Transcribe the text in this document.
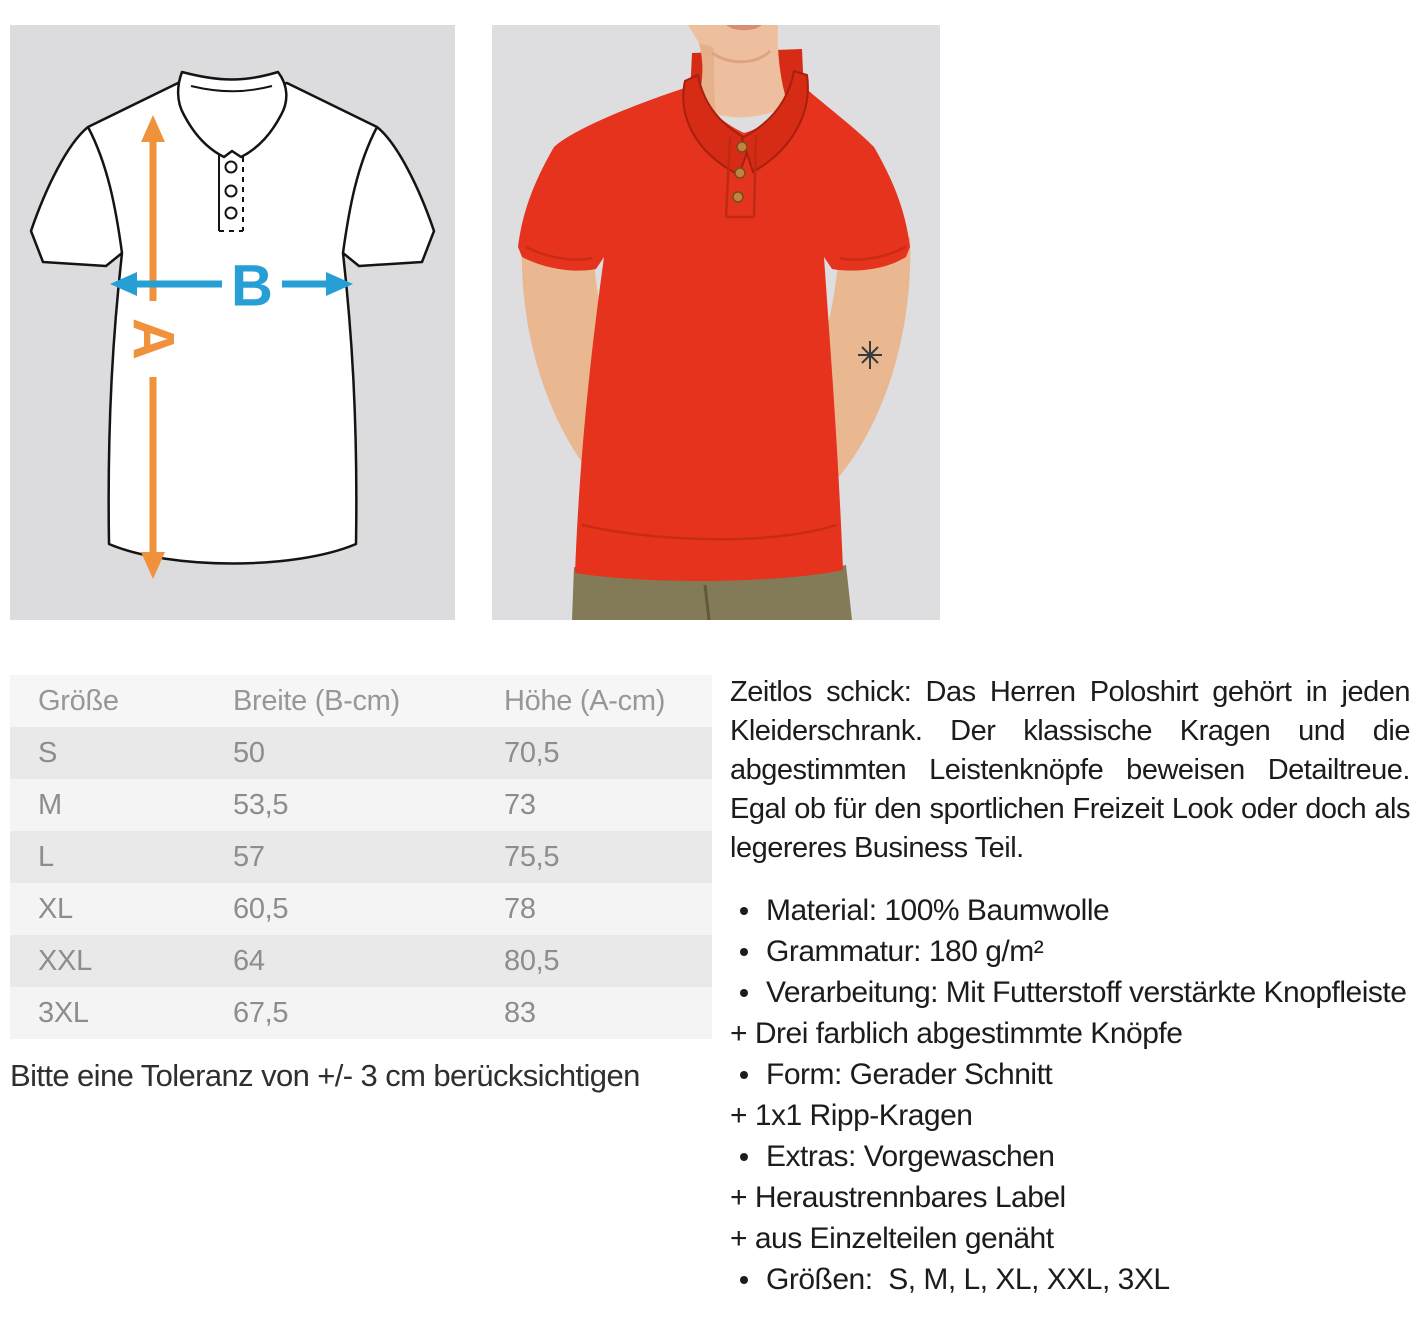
A
B
Größe	Breite (B-cm)	Höhe (A-cm)
S	50	70,5
M	53,5	73
L	57	75,5
XL	60,5	78
XXL	64	80,5
3XL	67,5	83
Bitte eine Toleranz von +/- 3 cm berücksichtigen

Zeitlos schick: Das Herren Poloshirt gehört in jeden Kleiderschrank. Der klassische Kragen und die abgestimmten Leistenknöpfe beweisen Detailtreue. Egal ob für den sportlichen Freizeit Look oder doch als legereres Business Teil.

Material: 100% Baumwolle
Grammatur: 180 g/m²
Verarbeitung: Mit Futterstoff verstärkte Knopfleiste
+ Drei farblich abgestimmte Knöpfe
Form: Gerader Schnitt
+ 1x1 Ripp-Kragen
Extras: Vorgewaschen
+ Heraustrennbares Label
+ aus Einzelteilen genäht
Größen:  S, M, L, XL, XXL, 3XL
